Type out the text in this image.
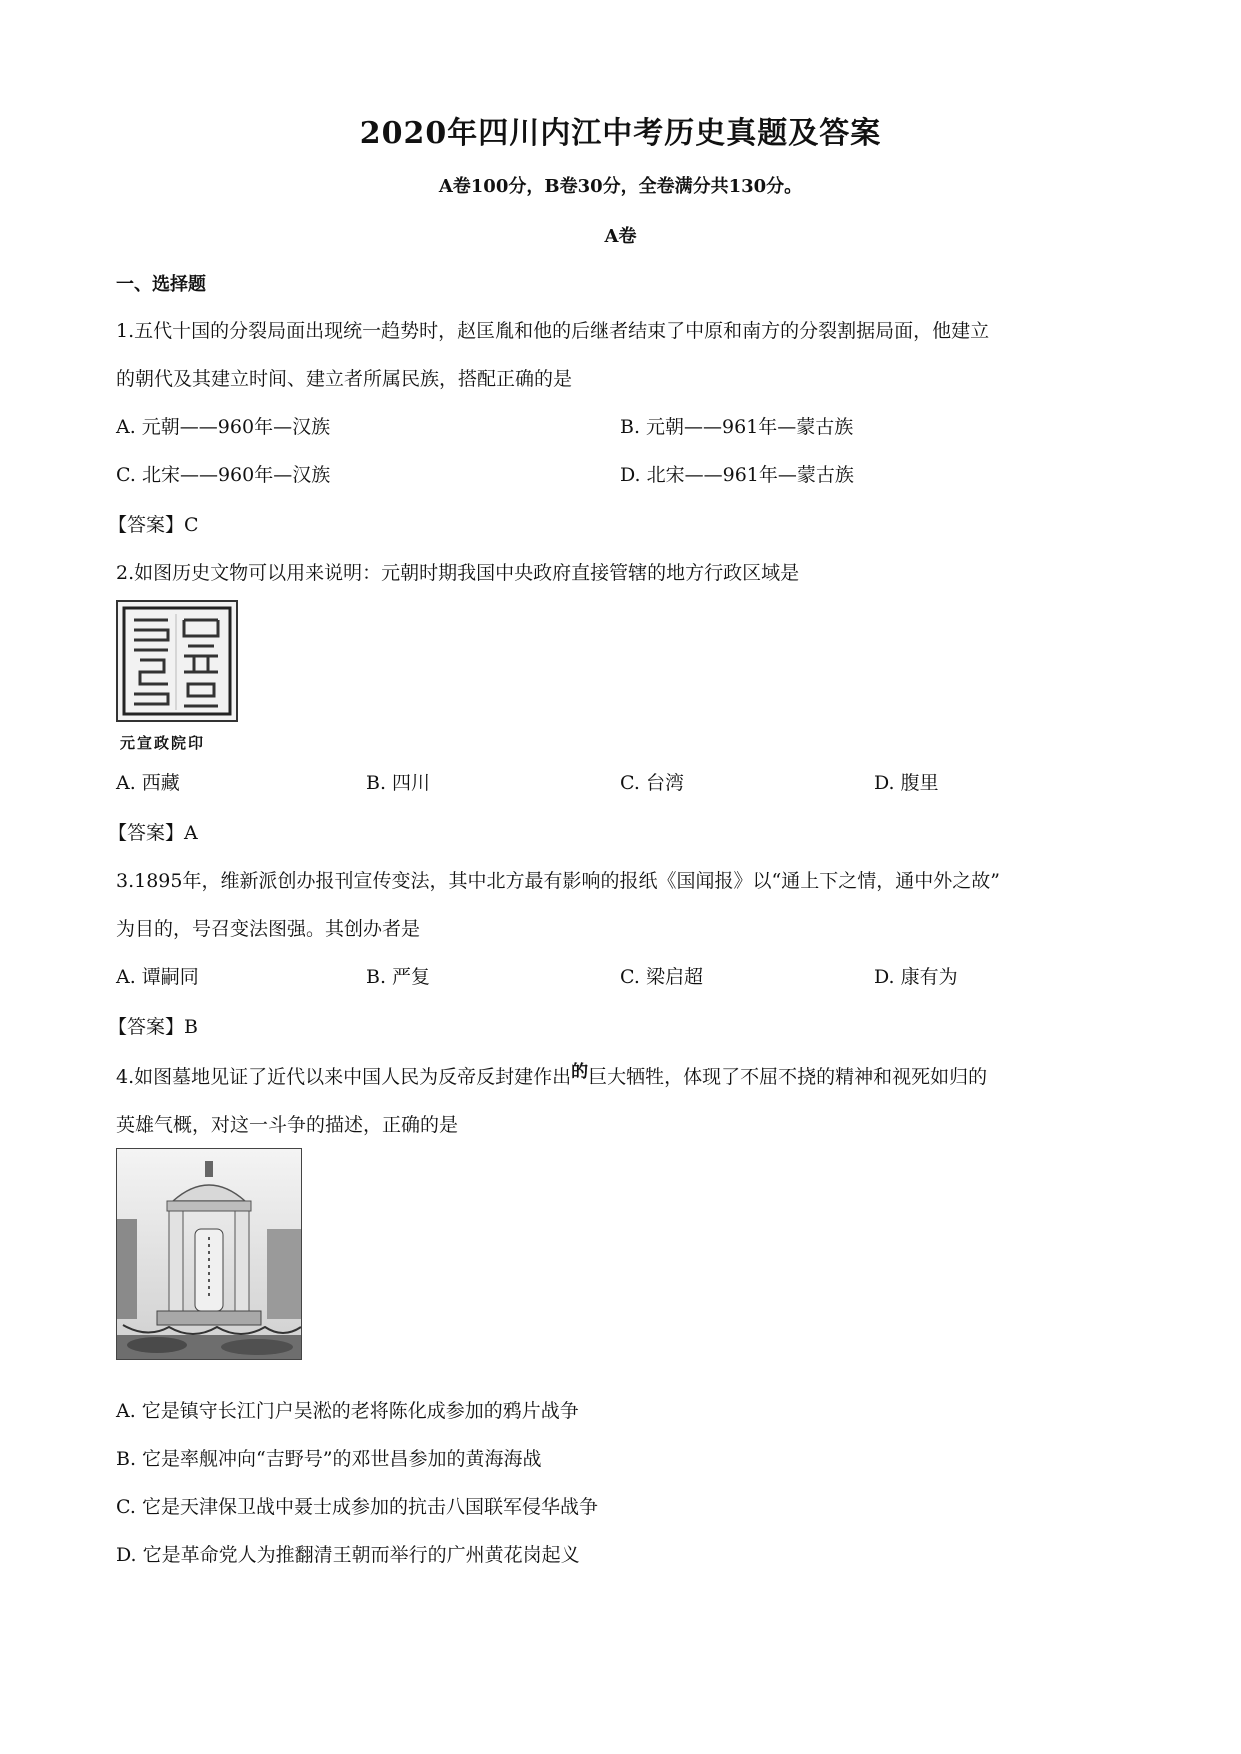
2020年四川内江中考历史真题及答案
A卷100分，B卷30分，全卷满分共130分。
A卷
一、选择题
1.五代十国的分裂局面出现统一趋势时，赵匡胤和他的后继者结束了中原和南方的分裂割据局面，他建立
的朝代及其建立时间、建立者所属民族，搭配正确的是
A. 元朝——960年—汉族	B. 元朝——961年—蒙古族
C. 北宋——960年—汉族	D. 北宋——961年—蒙古族
【答案】C
2.如图历史文物可以用来说明：元朝时期我国中央政府直接管辖的地方行政区域是
元宣政院印
A. 西藏	B. 四川	C. 台湾	D. 腹里
【答案】A
3.1895年，维新派创办报刊宣传变法，其中北方最有影响的报纸《国闻报》以“通上下之情，通中外之故”
为目的，号召变法图强。其创办者是
A. 谭嗣同	B. 严复	C. 梁启超	D. 康有为
【答案】B
4.如图墓地见证了近代以来中国人民为反帝反封建作出的巨大牺牲，体现了不屈不挠的精神和视死如归的
英雄气概，对这一斗争的描述，正确的是
A. 它是镇守长江门户吴淞的老将陈化成参加的鸦片战争
B. 它是率舰冲向“吉野号”的邓世昌参加的黄海海战
C. 它是天津保卫战中聂士成参加的抗击八国联军侵华战争
D. 它是革命党人为推翻清王朝而举行的广州黄花岗起义
